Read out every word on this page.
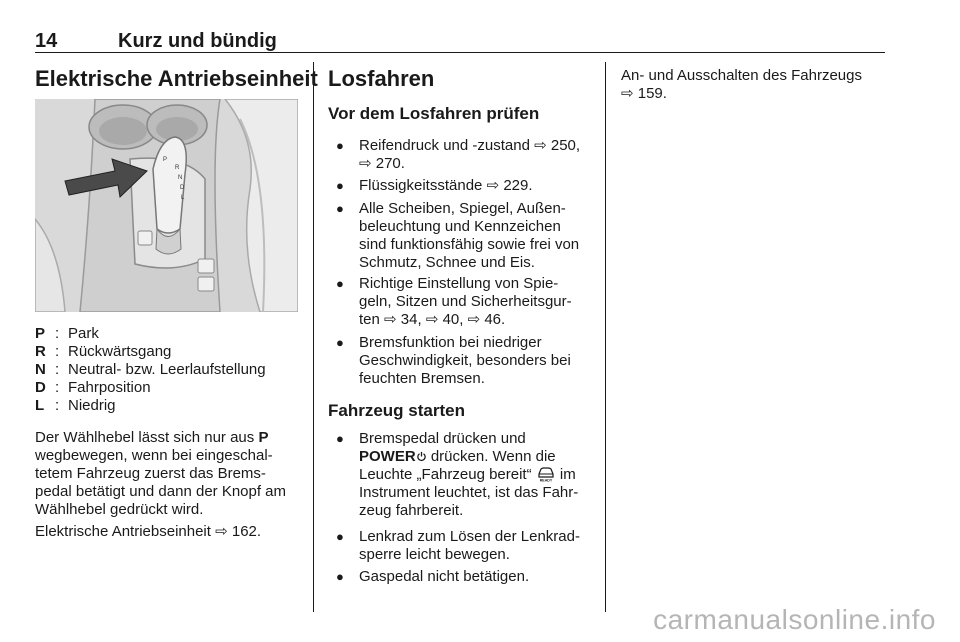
14	Kurz und bündig
Elektrische Antriebseinheit
P
R
N
D
L
P : Park
R : Rückwärtsgang
N : Neutral- bzw. Leerlaufstellung
D : Fahrposition
L : Niedrig
Der Wählhebel lässt sich nur aus P
wegbewegen, wenn bei eingeschal-
tetem Fahrzeug zuerst das Brems-
pedal betätigt und dann der Knopf am
Wählhebel gedrückt wird.
Elektrische Antriebseinheit ⇨ 162.
Losfahren
Vor dem Losfahren prüfen
● Reifendruck und -zustand ⇨ 250,
⇨ 270.
● Flüssigkeitsstände ⇨ 229.
● Alle Scheiben, Spiegel, Außen-
beleuchtung und Kennzeichen
sind funktionsfähig sowie frei von
Schmutz, Schnee und Eis.
● Richtige Einstellung von Spie-
geln, Sitzen und Sicherheitsgur-
ten ⇨ 34, ⇨ 40, ⇨ 46.
● Bremsfunktion bei niedriger
Geschwindigkeit, besonders bei
feuchten Bremsen.
Fahrzeug starten
● Bremspedal drücken und
POWER drücken. Wenn die
Leuchte „Fahrzeug bereit“ READY im
Instrument leuchtet, ist das Fahr-
zeug fahrbereit.
● Lenkrad zum Lösen der Lenkrad-
sperre leicht bewegen.
● Gaspedal nicht betätigen.
An- und Ausschalten des Fahrzeugs
⇨ 159.
carmanualsonline.info
